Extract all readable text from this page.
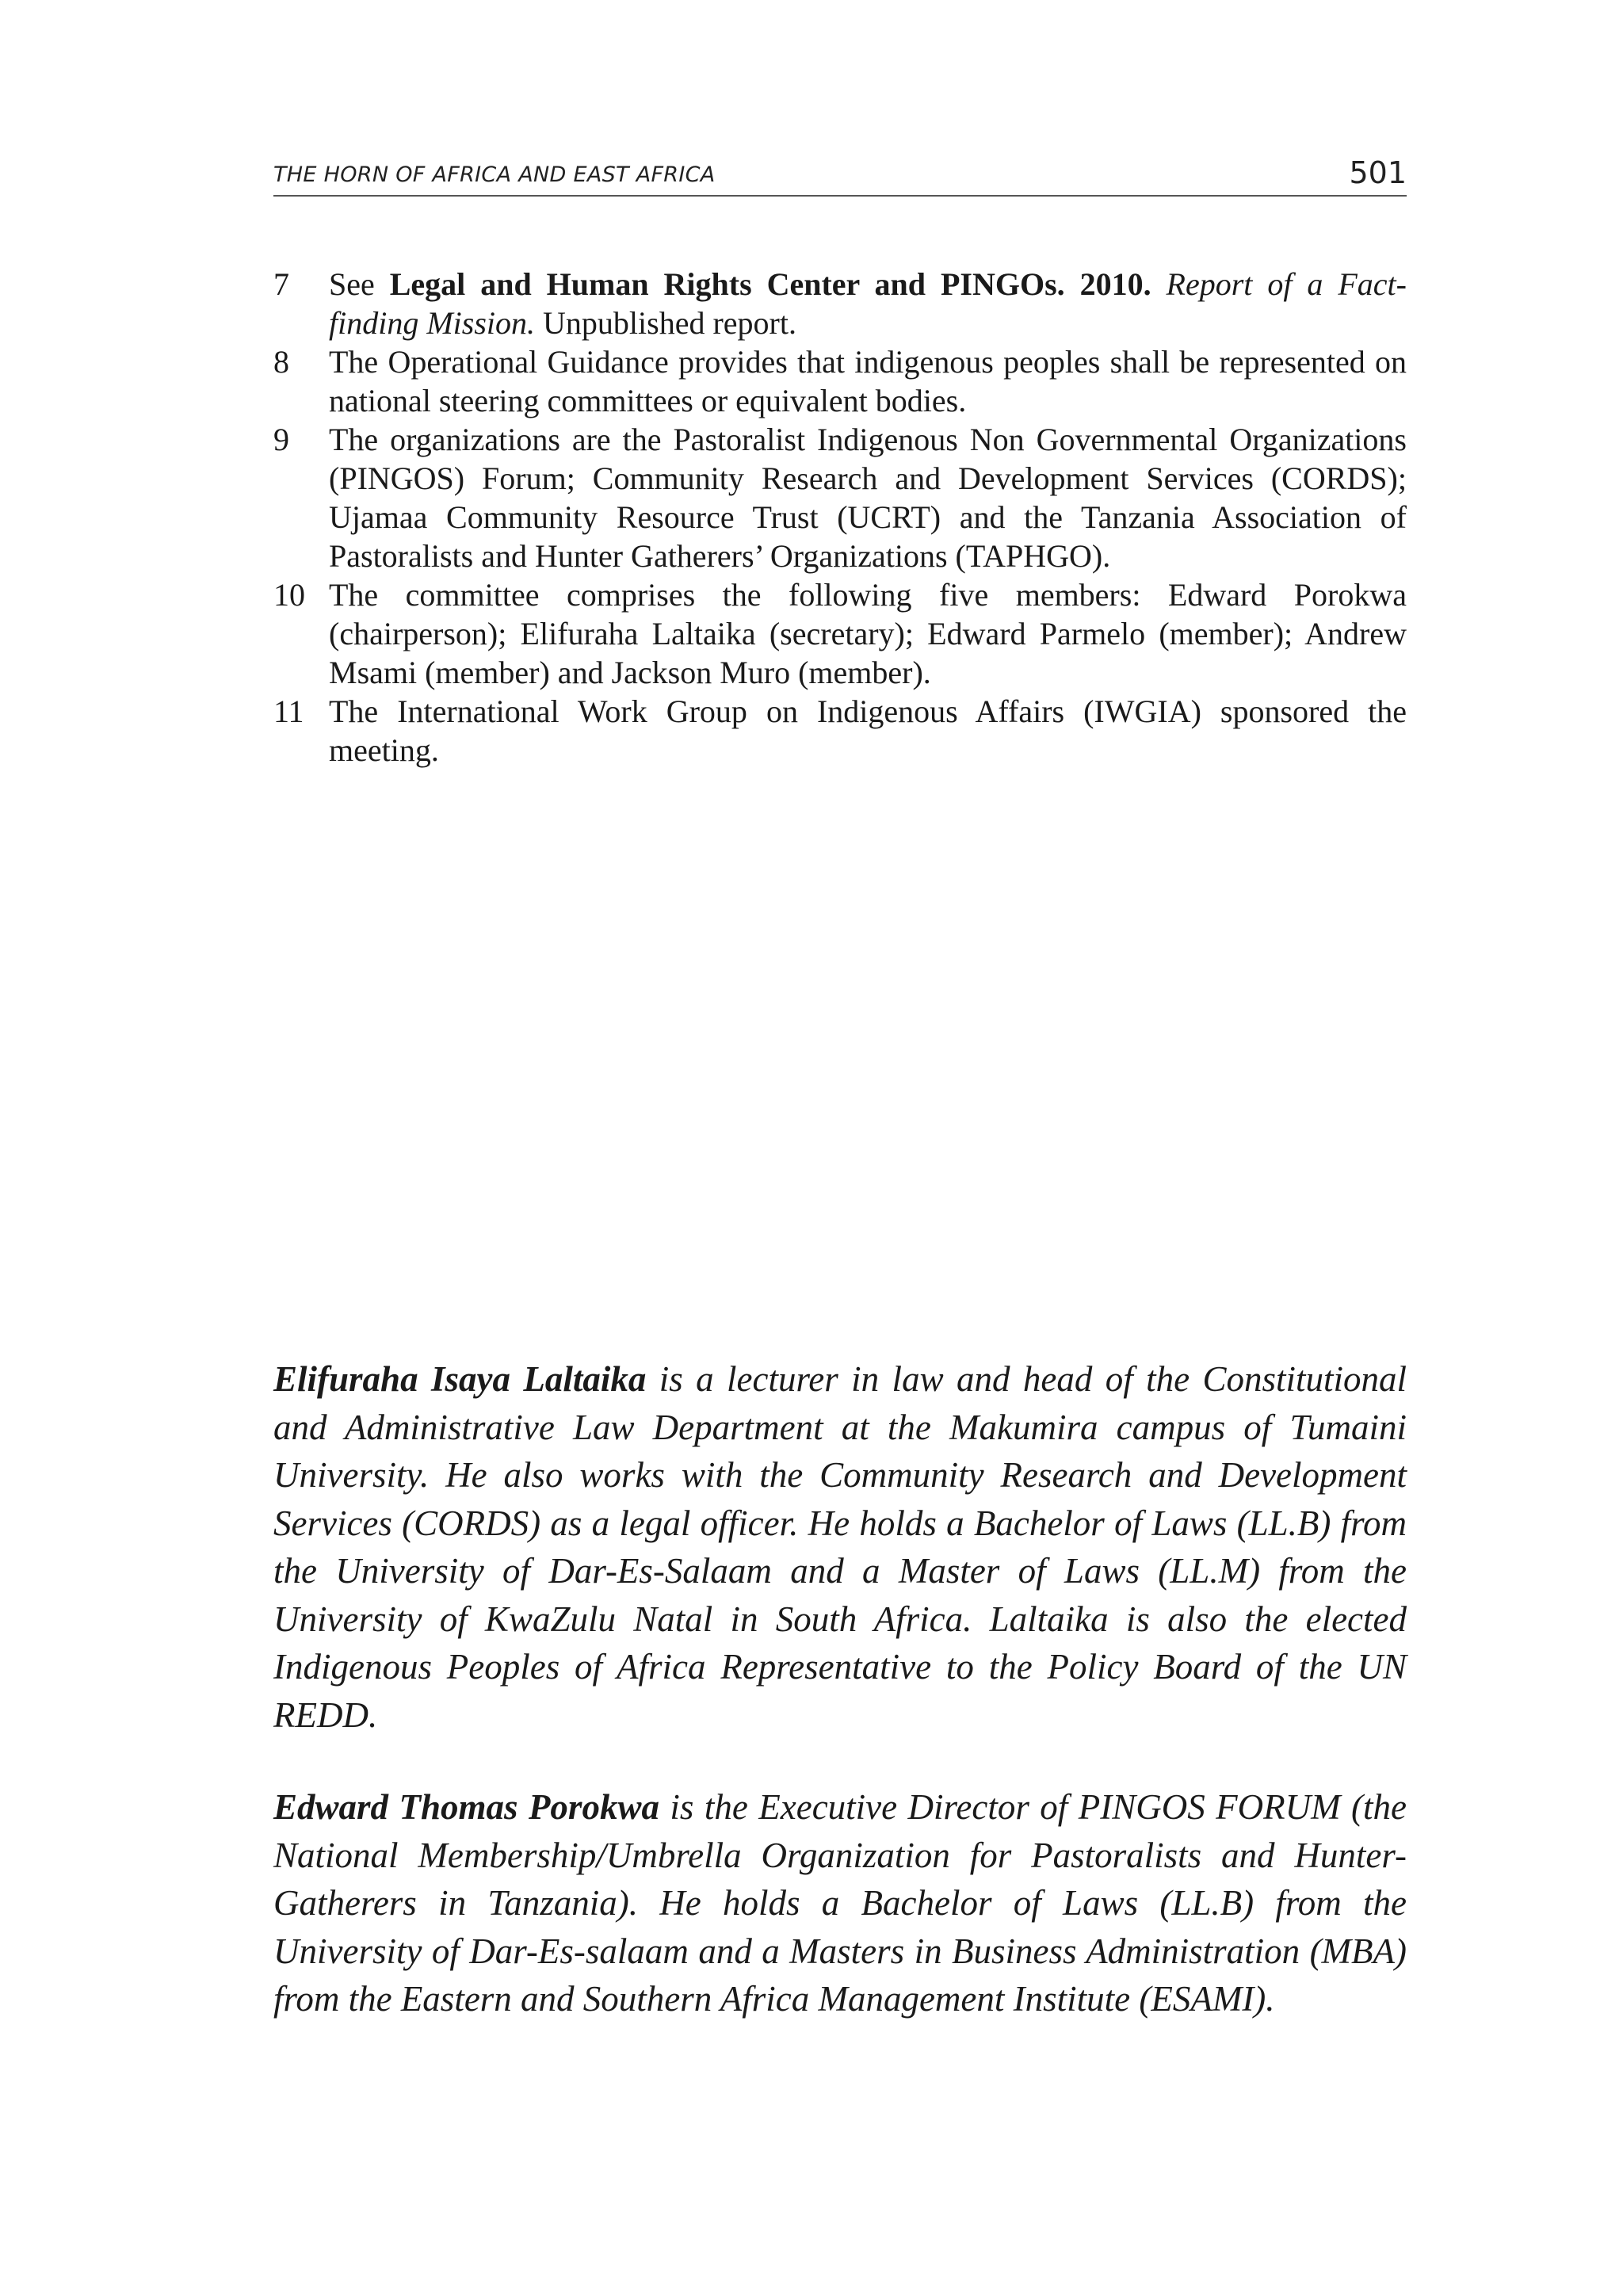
THE HORN OF AFRICA AND EAST AFRICA	501
7 See Legal and Human Rights Center and PINGOs. 2010. Report of a Fact-finding Mission. Unpublished report.
8 The Operational Guidance provides that indigenous peoples shall be represented on national steering committees or equivalent bodies.
9 The organizations are the Pastoralist Indigenous Non Governmental Organizations (PINGOS) Forum; Community Research and Development Services (CORDS); Ujamaa Community Resource Trust (UCRT) and the Tanzania Association of Pastoralists and Hunter Gatherers’ Organizations (TAPHGO).
10 The committee comprises the following five members: Edward Porokwa (chairperson); Elifuraha Laltaika (secretary); Edward Parmelo (member); Andrew Msami (member) and Jackson Muro (member).
11 The International Work Group on Indigenous Affairs (IWGIA) sponsored the meeting.
Elifuraha Isaya Laltaika is a lecturer in law and head of the Constitutional and Administrative Law Department at the Makumira campus of Tumaini University. He also works with the Community Research and Development Services (CORDS) as a legal officer. He holds a Bachelor of Laws (LL.B) from the University of Dar-Es-Salaam and a Master of Laws (LL.M) from the University of KwaZulu Natal in South Africa. Laltaika is also the elected Indigenous Peoples of Africa Representative to the Policy Board of the UN REDD.
Edward Thomas Porokwa is the Executive Director of PINGOS FORUM (the National Membership/Umbrella Organization for Pastoralists and Hunter-Gatherers in Tanzania). He holds a Bachelor of Laws (LL.B) from the University of Dar-Es-salaam and a Masters in Business Administration (MBA) from the Eastern and Southern Africa Management Institute (ESAMI).
